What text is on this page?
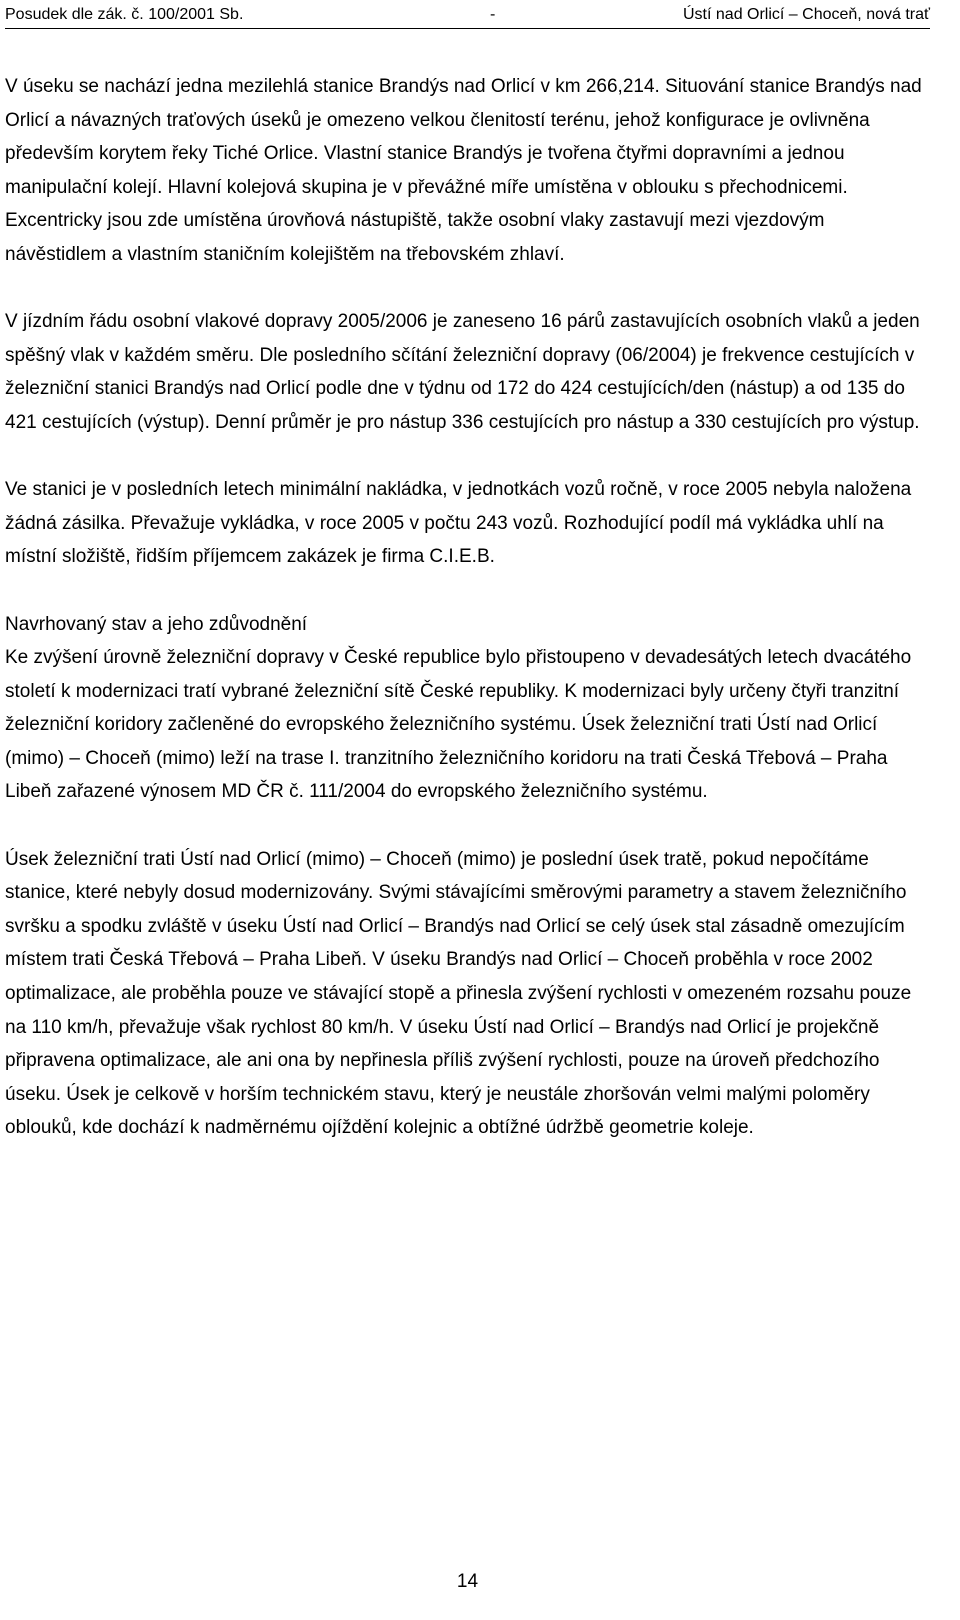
Posudek dle zák. č. 100/2001 Sb.	-	Ústí nad Orlicí – Choceň, nová trať

V úseku se nachází jedna mezilehlá stanice Brandýs nad Orlicí v km 266,214. Situování stanice Brandýs nad Orlicí a návazných traťových úseků je omezeno velkou členitostí terénu, jehož konfigurace je ovlivněna především korytem řeky Tiché Orlice. Vlastní stanice Brandýs je tvořena čtyřmi dopravními a jednou manipulační kolejí. Hlavní kolejová skupina je v převážné míře umístěna v oblouku s přechodnicemi. Excentricky jsou zde umístěna úrovňová nástupiště, takže osobní vlaky zastavují mezi vjezdovým návěstidlem a vlastním staničním kolejištěm na třebovském zhlaví.

V jízdním řádu osobní vlakové dopravy 2005/2006 je zaneseno 16 párů zastavujících osobních vlaků a jeden spěšný vlak v každém směru. Dle posledního sčítání železniční dopravy (06/2004) je frekvence cestujících v železniční stanici Brandýs nad Orlicí podle dne v týdnu od 172 do 424 cestujících/den (nástup) a od 135 do 421 cestujících (výstup). Denní průměr je pro nástup 336 cestujících pro nástup a 330 cestujících pro výstup.

Ve stanici je v posledních letech minimální nakládka, v jednotkách vozů ročně, v roce 2005 nebyla naložena žádná zásilka. Převažuje vykládka, v roce 2005 v počtu 243 vozů. Rozhodující podíl má vykládka uhlí na místní složiště, řidším příjemcem zakázek je firma C.I.E.B.

Navrhovaný stav a jeho zdůvodnění

Ke zvýšení úrovně železniční dopravy v České republice bylo přistoupeno v devadesátých letech dvacátého století k modernizaci tratí vybrané železniční sítě České republiky. K modernizaci byly určeny čtyři tranzitní železniční koridory začleněné do evropského železničního systému. Úsek železniční trati Ústí nad Orlicí (mimo) – Choceň (mimo) leží na trase I. tranzitního železničního koridoru na trati Česká Třebová – Praha Libeň zařazené výnosem MD ČR č. 111/2004 do evropského železničního systému.

Úsek železniční trati Ústí nad Orlicí (mimo) – Choceň (mimo) je poslední úsek tratě, pokud nepočítáme stanice, které nebyly dosud modernizovány. Svými stávajícími směrovými parametry a stavem železničního svršku a spodku zvláště v úseku Ústí nad Orlicí – Brandýs nad Orlicí se celý úsek stal zásadně omezujícím místem trati Česká Třebová – Praha Libeň. V úseku Brandýs nad Orlicí – Choceň proběhla v roce 2002 optimalizace, ale proběhla pouze ve stávající stopě a přinesla zvýšení rychlosti v omezeném rozsahu pouze na 110 km/h, převažuje však rychlost 80 km/h. V úseku Ústí nad Orlicí – Brandýs nad Orlicí je projekčně připravena optimalizace, ale ani ona by nepřinesla příliš zvýšení rychlosti, pouze na úroveň předchozího úseku. Úsek je celkově v horším technickém stavu, který je neustále zhoršován velmi malými poloměry oblouků, kde dochází k nadměrnému ojíždění kolejnic a obtížné údržbě geometrie koleje.

14
